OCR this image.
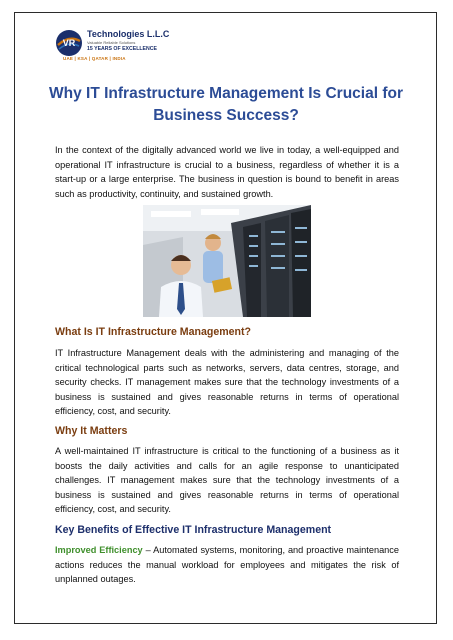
VR
Technologies L.L.C
Valuable Reliable Solutions
15 YEARS OF EXCELLENCE
UAE | KSA | QATAR | INDIA
Why IT Infrastructure Management Is Crucial for Business Success?

In the context of the digitally advanced world we live in today, a well-equipped and operational IT infrastructure is crucial to a business, regardless of whether it is a start-up or a large enterprise. The business in question is bound to benefit in areas such as productivity, continuity, and sustained growth.

What Is IT Infrastructure Management?

IT Infrastructure Management deals with the administering and managing of the critical technological parts such as networks, servers, data centres, storage, and security checks. IT management makes sure that the technology investments of a business is sustained and gives reasonable returns in terms of operational efficiency, cost, and security.

Why It Matters

A well-maintained IT infrastructure is critical to the functioning of a business as it boosts the daily activities and calls for an agile response to unanticipated challenges. IT management makes sure that the technology investments of a business is sustained and gives reasonable returns in terms of operational efficiency, cost, and security.

Key Benefits of Effective IT Infrastructure Management

Improved Efficiency – Automated systems, monitoring, and proactive maintenance actions reduces the manual workload for employees and mitigates the risk of unplanned outages.
